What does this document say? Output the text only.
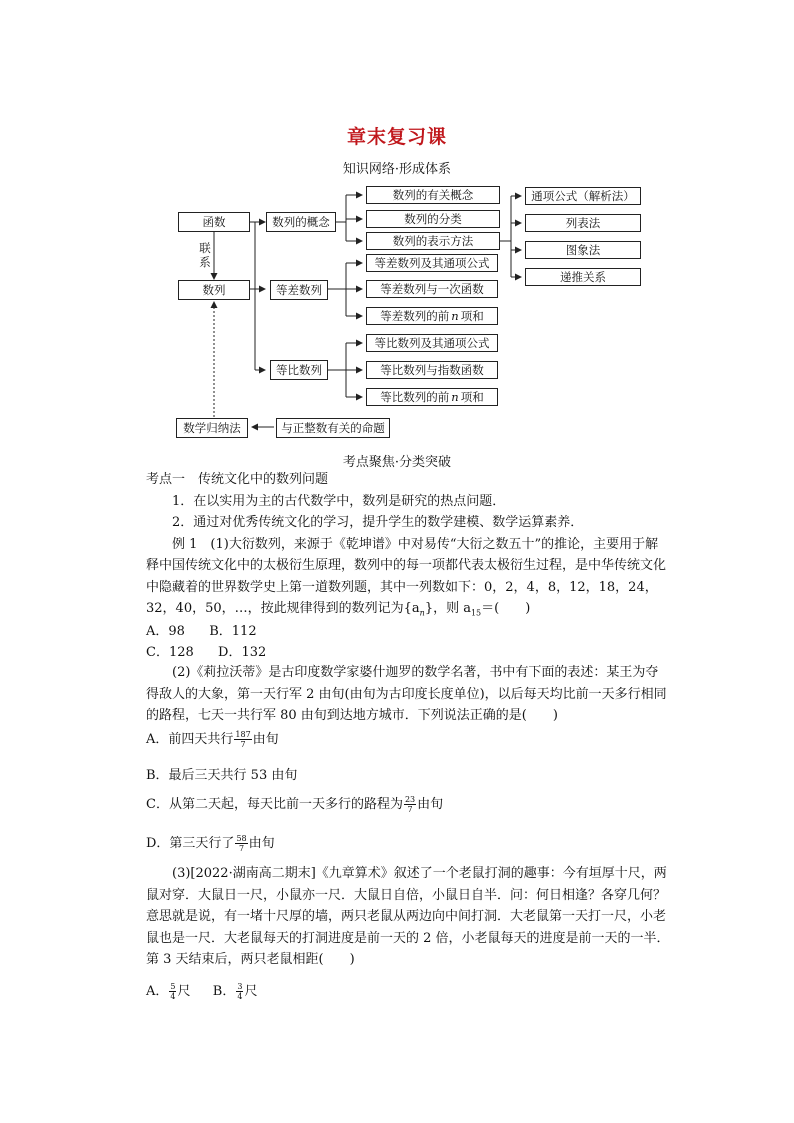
章末复习课
知识网络·形成体系
函数
联系
数列
数列的概念
等差数列
等比数列
数列的有关概念
数列的分类
数列的表示方法
通项公式（解析法）
列表法
图象法
递推关系
等差数列及其通项公式
等差数列与一次函数
等差数列的前 n 项和
等比数列及其通项公式
等比数列与指数函数
等比数列的前 n 项和
数学归纳法	与正整数有关的命题
考点聚焦·分类突破

考点一　传统文化中的数列问题

1．在以实用为主的古代数学中，数列是研究的热点问题．

2．通过对优秀传统文化的学习，提升学生的数学建模、数学运算素养．

例 1　(1)大衍数列，来源于《乾坤谱》中对易传“大衍之数五十”的推论，主要用于解释中国传统文化中的太极衍生原理，数列中的每一项都代表太极衍生过程，是中华传统文化中隐藏着的世界数学史上第一道数列题，其中一列数如下：0，2，4，8，12，18，24，32，40，50，…，按此规律得到的数列记为$\{a_n\}$，则 $a_{15}=$(　　)

A．98 B．112
C．128 D．132

(2)《莉拉沃蒂》是古印度数学家婆什迦罗的数学名著，书中有下面的表述：某王为夺得敌人的大象，第一天行军 2 由旬(由旬为古印度长度单位)，以后每天均比前一天多行相同的路程，七天一共行军 80 由旬到达地方城市．下列说法正确的是(　　)

A．前四天共行 $\frac{187}{7}$ 由旬
B．最后三天共行 53 由旬
C．从第二天起，每天比前一天多行的路程为 $\frac{23}{7}$ 由旬
D．第三天行了 $\frac{58}{7}$ 由旬

(3)[2022·湖南高二期末]《九章算术》叙述了一个老鼠打洞的趣事：今有垣厚十尺，两鼠对穿．大鼠日一尺，小鼠亦一尺．大鼠日自倍，小鼠日自半．问：何日相逢？各穿几何？意思就是说，有一堵十尺厚的墙，两只老鼠从两边向中间打洞．大老鼠第一天打一尺，小老鼠也是一尺．大老鼠每天的打洞进度是前一天的 2 倍，小老鼠每天的进度是前一天的一半．第 3 天结束后，两只老鼠相距(　　)

A． $\frac{5}{4}$ 尺 B． $\frac{3}{4}$ 尺
